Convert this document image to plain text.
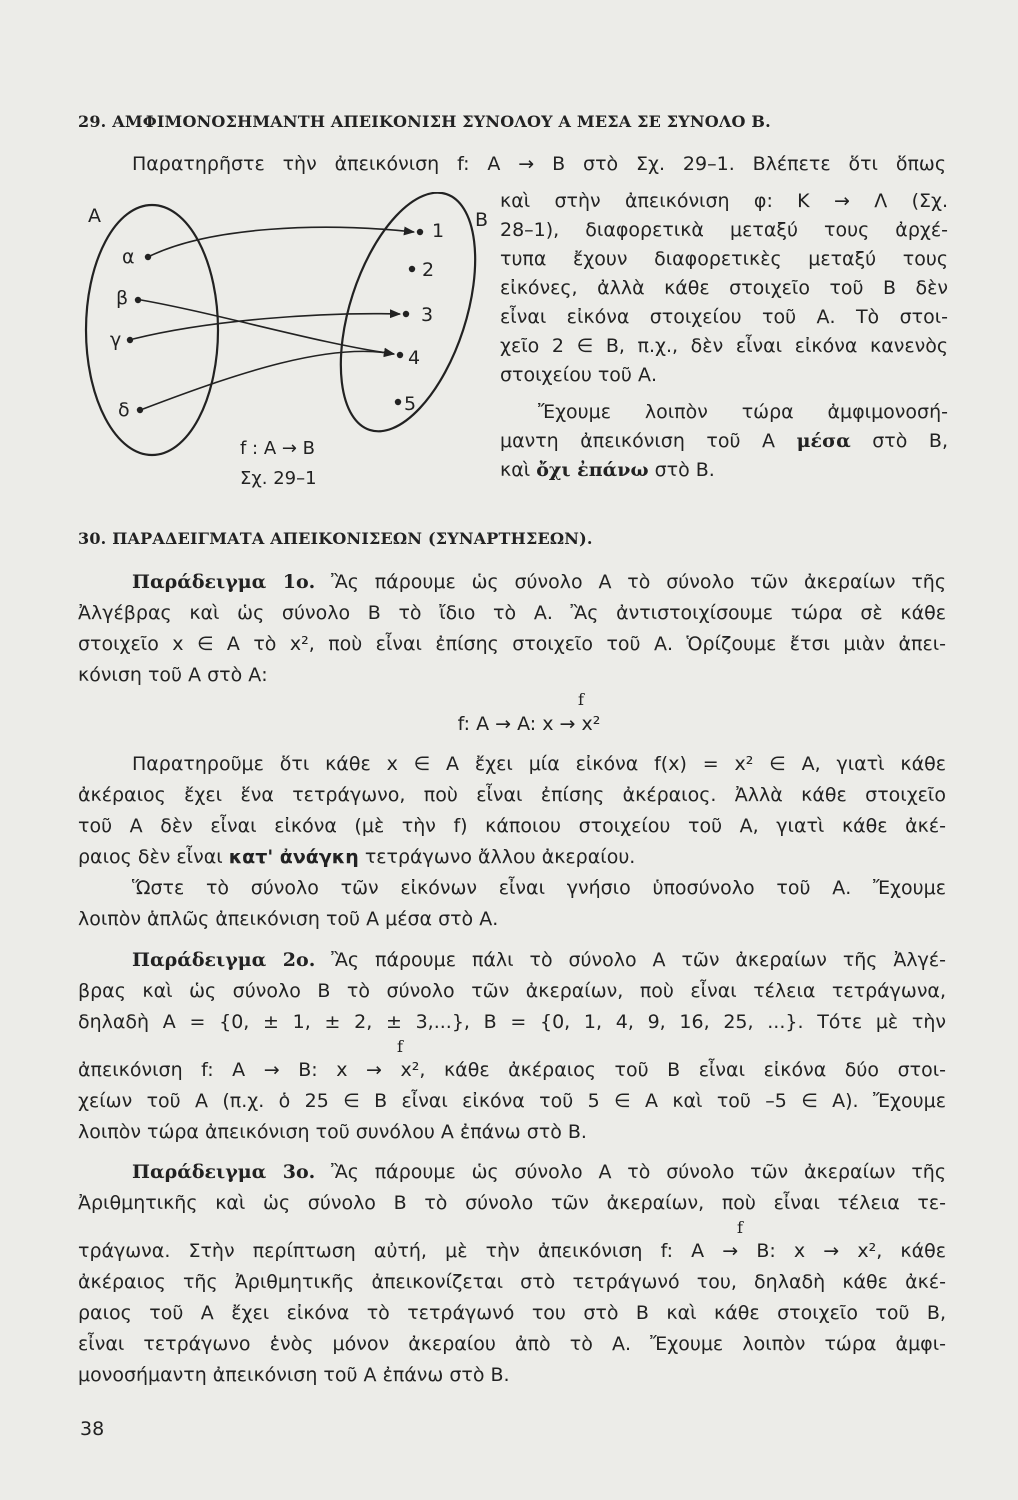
29. ΑΜΦΙΜΟΝΟΣΗΜΑΝΤΗ ΑΠΕΙΚΟΝΙΣΗ ΣΥΝΟΛΟΥ Α ΜΕΣΑ ΣΕ ΣΥΝΟΛΟ Β.
Παρατηρῆστε τὴν ἀπεικόνιση f: A → B στὸ Σχ. 29–1. Βλέπετε ὅτι ὅπως
καὶ στὴν ἀπεικόνιση φ: Κ → Λ (Σχ.
28–1), διαφορετικὰ μεταξύ τους ἀρχέ-
τυπα ἔχουν διαφορετικὲς μεταξύ τους
εἰκόνες, ἀλλὰ κάθε στοιχεῖο τοῦ Β δὲν
εἶναι εἰκόνα στοιχείου τοῦ Α. Τὸ στοι-
χεῖο 2 ∈ Β, π.χ., δὲν εἶναι εἰκόνα κανενὸς
στοιχείου τοῦ Α.
Ἔχουμε λοιπὸν τώρα ἀμφιμονοσή-
μαντη ἀπεικόνιση τοῦ Α μέσα στὸ Β,
καὶ ὄχι ἐπάνω στὸ Β.
A	B
α
β
γ
δ
1
2
3
4
5
f : A → B
Σχ. 29–1
30. ΠΑΡΑΔΕΙΓΜΑΤΑ ΑΠΕΙΚΟΝΙΣΕΩΝ (ΣΥΝΑΡΤΗΣΕΩΝ).
Παράδειγμα 1ο. Ἂς πάρουμε ὡς σύνολο Α τὸ σύνολο τῶν ἀκεραίων τῆς
Ἀλγέβρας καὶ ὡς σύνολο Β τὸ ἴδιο τὸ Α. Ἂς ἀντιστοιχίσουμε τώρα σὲ κάθε
στοιχεῖο x ∈ A τὸ x², ποὺ εἶναι ἐπίσης στοιχεῖο τοῦ Α. Ὁρίζουμε ἔτσι μιὰν ἀπει-
κόνιση τοῦ Α στὸ Α:
f
f: A → A: x → x²
Παρατηροῦμε ὅτι κάθε x ∈ A ἔχει μία εἰκόνα f(x) = x² ∈ A, γιατὶ κάθε
ἀκέραιος ἔχει ἕνα τετράγωνο, ποὺ εἶναι ἐπίσης ἀκέραιος. Ἀλλὰ κάθε στοιχεῖο
τοῦ Α δὲν εἶναι εἰκόνα (μὲ τὴν f) κάποιου στοιχείου τοῦ Α, γιατὶ κάθε ἀκέ-
ραιος δὲν εἶναι κατ' ἀνάγκη τετράγωνο ἄλλου ἀκεραίου.
Ὥστε τὸ σύνολο τῶν εἰκόνων εἶναι γνήσιο ὑποσύνολο τοῦ Α. Ἔχουμε
λοιπὸν ἁπλῶς ἀπεικόνιση τοῦ Α μέσα στὸ Α.
Παράδειγμα 2ο. Ἂς πάρουμε πάλι τὸ σύνολο Α τῶν ἀκεραίων τῆς Ἀλγέ-
βρας καὶ ὡς σύνολο Β τὸ σύνολο τῶν ἀκεραίων, ποὺ εἶναι τέλεια τετράγωνα,
δηλαδὴ A = {0, ± 1, ± 2, ± 3,...}, B = {0, 1, 4, 9, 16, 25, ...}. Τότε μὲ τὴν
f
ἀπεικόνιση f: A → B: x → x², κάθε ἀκέραιος τοῦ Β εἶναι εἰκόνα δύο στοι-
χείων τοῦ Α (π.χ. ὁ 25 ∈ Β εἶναι εἰκόνα τοῦ 5 ∈ A καὶ τοῦ –5 ∈ A). Ἔχουμε
λοιπὸν τώρα ἀπεικόνιση τοῦ συνόλου Α ἐπάνω στὸ Β.
Παράδειγμα 3ο. Ἂς πάρουμε ὡς σύνολο Α τὸ σύνολο τῶν ἀκεραίων τῆς
Ἀριθμητικῆς καὶ ὡς σύνολο Β τὸ σύνολο τῶν ἀκεραίων, ποὺ εἶναι τέλεια τε-
f
τράγωνα. Στὴν περίπτωση αὐτή, μὲ τὴν ἀπεικόνιση f: A → B: x → x², κάθε
ἀκέραιος τῆς Ἀριθμητικῆς ἀπεικονίζεται στὸ τετράγωνό του, δηλαδὴ κάθε ἀκέ-
ραιος τοῦ Α ἔχει εἰκόνα τὸ τετράγωνό του στὸ Β καὶ κάθε στοιχεῖο τοῦ Β,
εἶναι τετράγωνο ἑνὸς μόνον ἀκεραίου ἀπὸ τὸ Α. Ἔχουμε λοιπὸν τώρα ἀμφι-
μονοσήμαντη ἀπεικόνιση τοῦ Α ἐπάνω στὸ Β.
38
